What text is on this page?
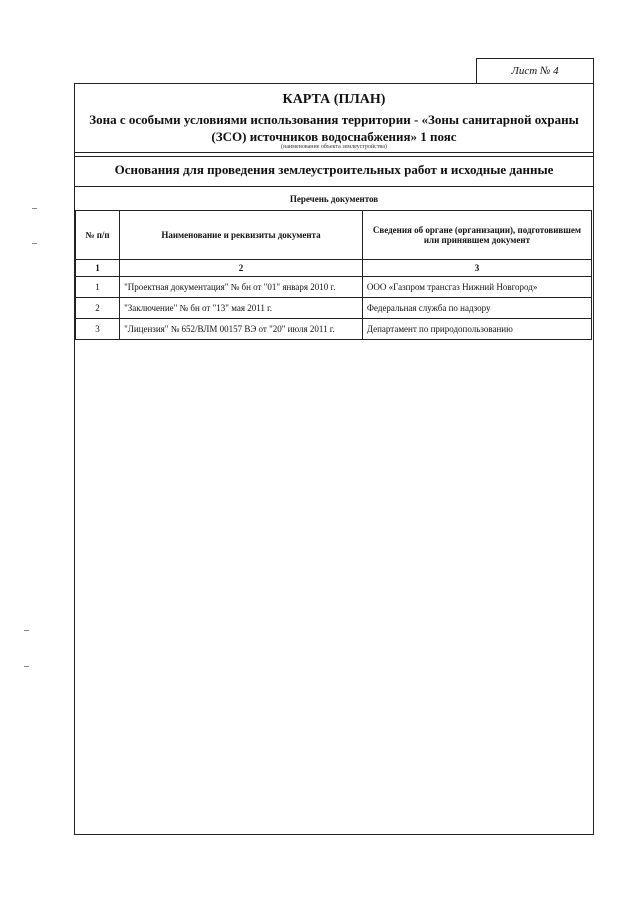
Лист № 4
КАРТА (ПЛАН)
Зона с особыми условиями использования территории - «Зоны санитарной охраны (ЗСО) источников водоснабжения» 1 пояс
(наименование объекта землеустройства)
Основания для проведения землеустроительных работ и исходные данные
Перечень документов
№ п/п	Наименование и реквизиты документа	Сведения об органе (организации), подготовившем или принявшем документ
1	2	3
1	"Проектная документация" № бн от "01" января 2010 г.	ООО «Газпром трансгаз Нижний Новгород»
2	"Заключение" № бн от "13" мая 2011 г.	Федеральная служба по надзору
3	"Лицензия" № 652/ВЛМ 00157 ВЭ от "20" июля 2011 г.	Департамент по природопользованию
